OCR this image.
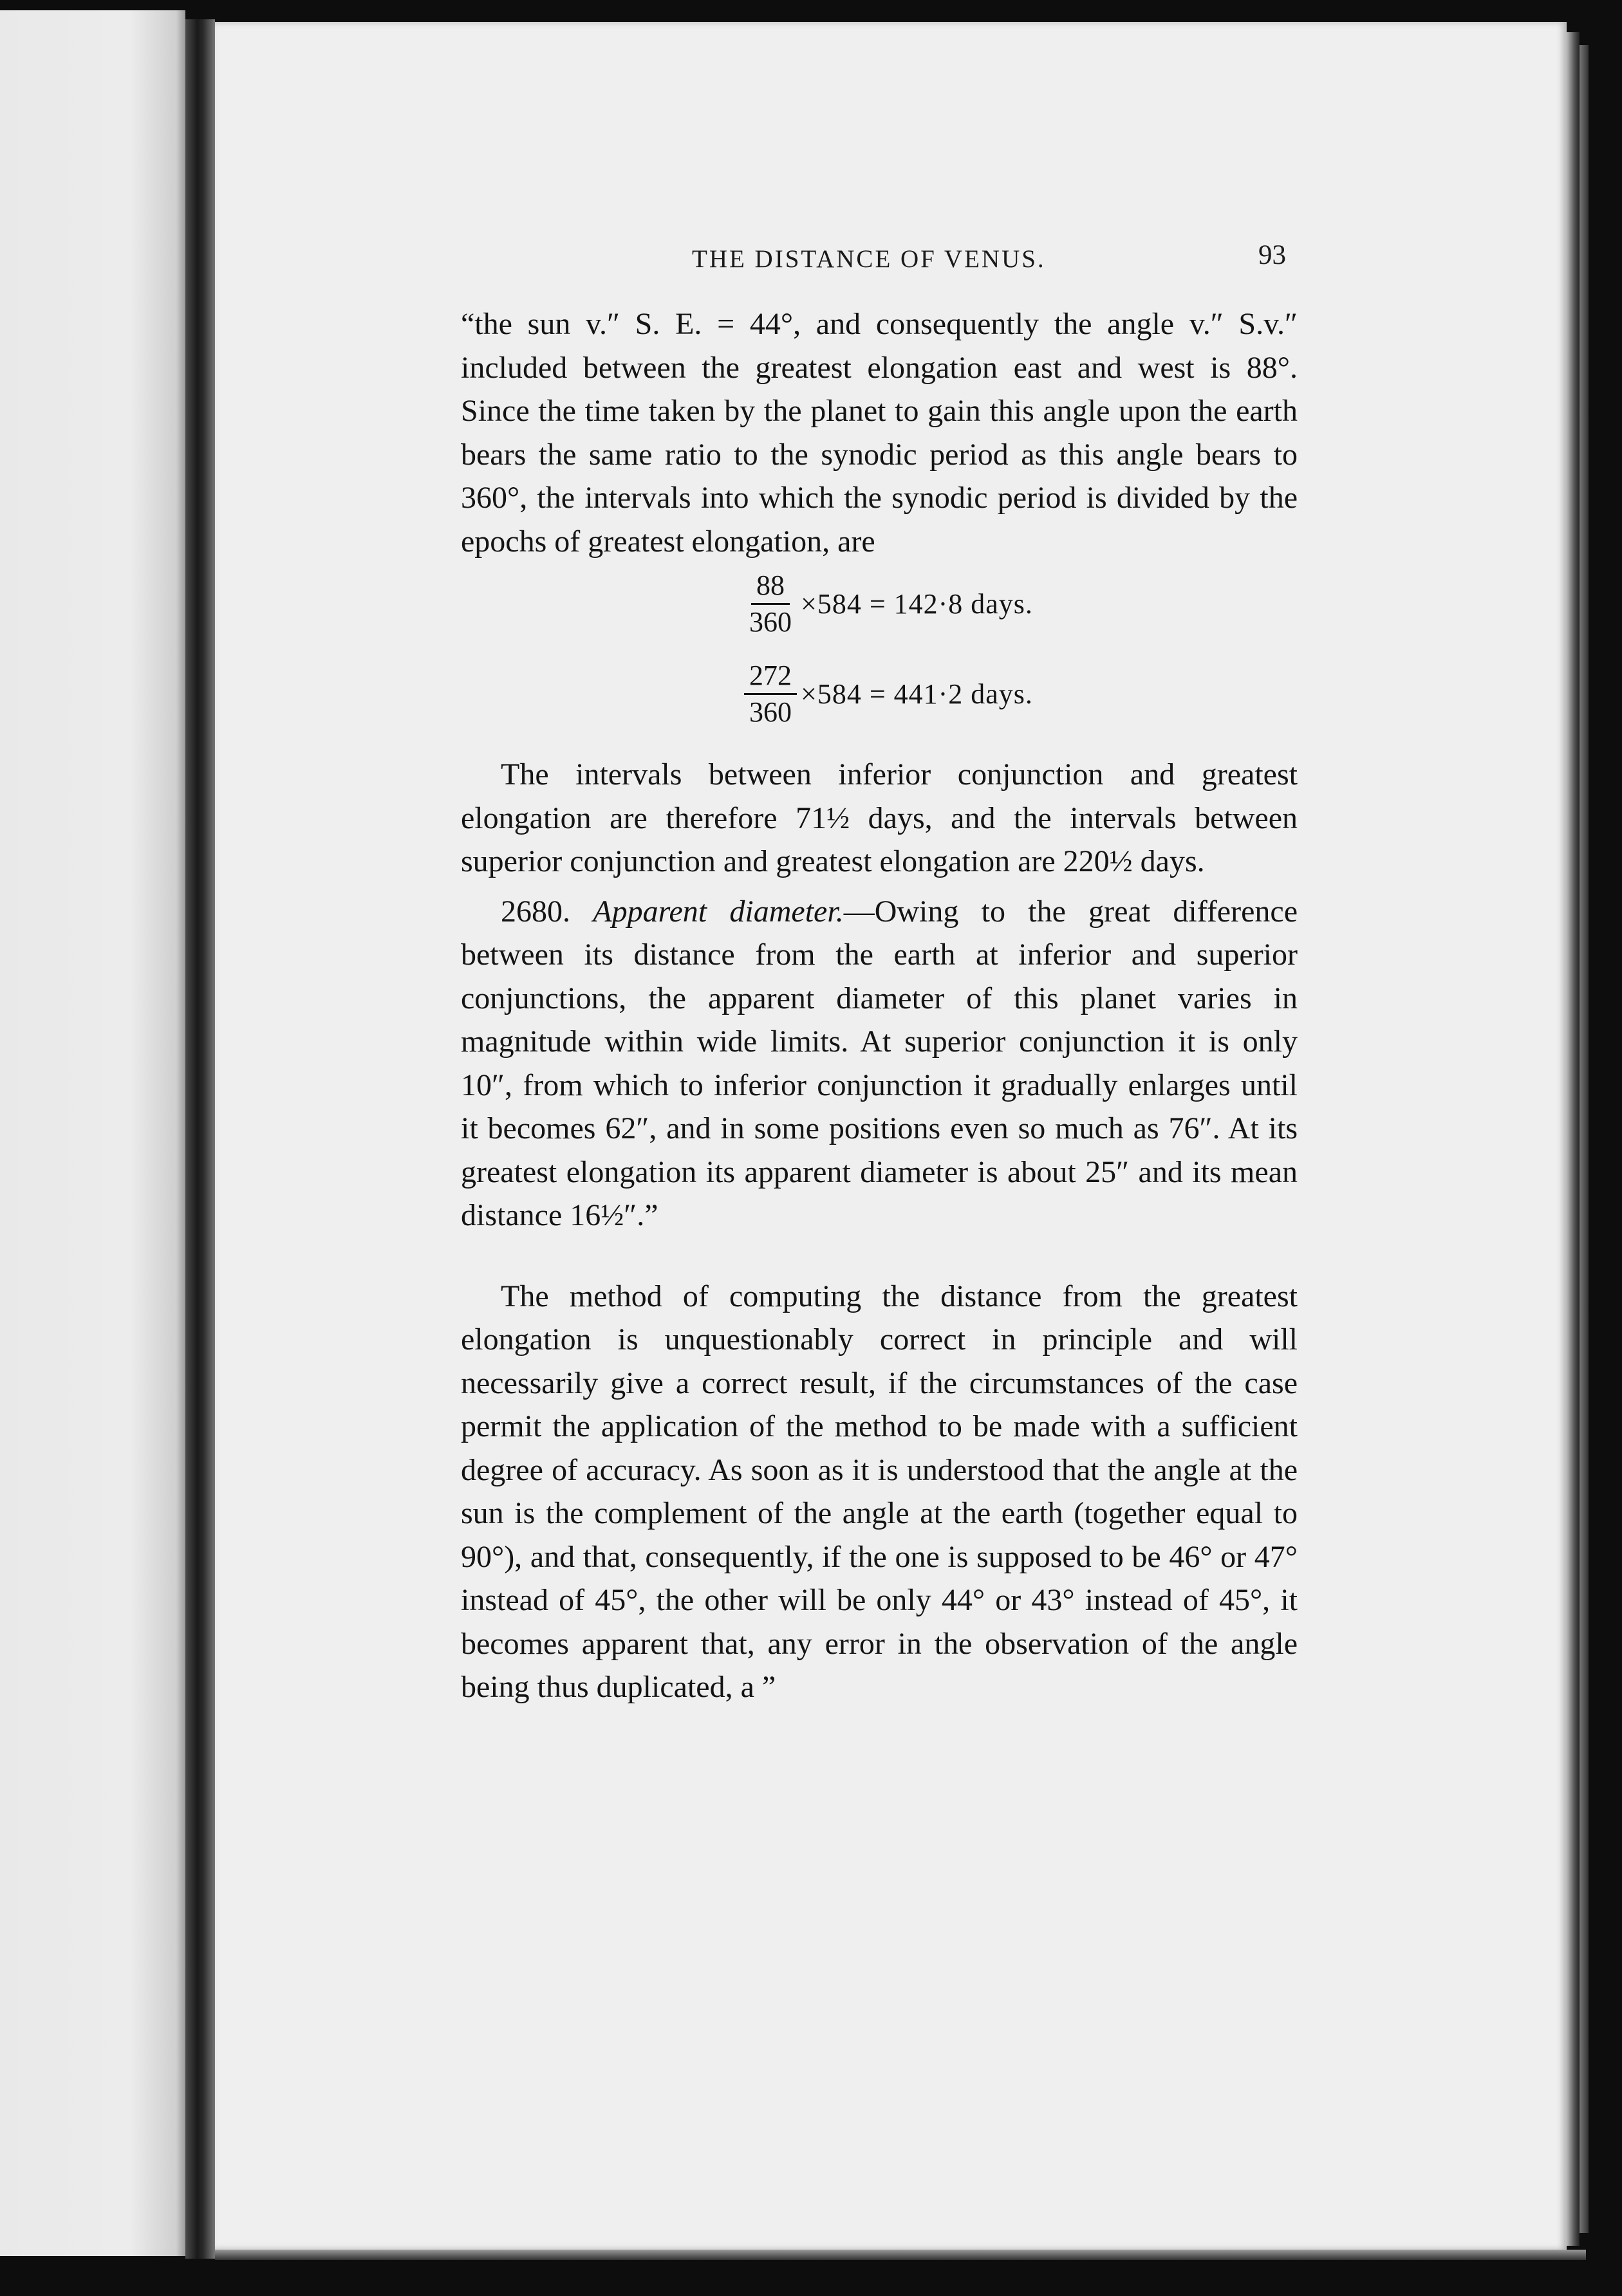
THE DISTANCE OF VENUS.	93

“the sun v.″ S. E. = 44°, and consequently the angle v.″ S.v.″ included between the greatest elongation east and west is 88°. Since the time taken by the planet to gain this angle upon the earth bears the same ratio to the synodic period as this angle bears to 360°, the intervals into which the synodic period is divided by the epochs of greatest elongation, are

$\frac{88}{360} \times 584 = 142\cdot 8$ days.
$\frac{272}{360} \times 584 = 441\cdot 2$ days.

The intervals between inferior conjunction and greatest elongation are therefore 71½ days, and the intervals between superior conjunction and greatest elongation are 220½ days.

2680. Apparent diameter.—Owing to the great difference between its distance from the earth at inferior and superior conjunctions, the apparent diameter of this planet varies in magnitude within wide limits. At superior conjunction it is only 10″, from which to inferior conjunction it gradually enlarges until it becomes 62″, and in some positions even so much as 76″. At its greatest elongation its apparent diameter is about 25″ and its mean distance 16½″.”

The method of computing the distance from the greatest elongation is unquestionably correct in principle and will necessarily give a correct result, if the circumstances of the case permit the application of the method to be made with a sufficient degree of accuracy. As soon as it is understood that the angle at the sun is the complement of the angle at the earth (together equal to 90°), and that, consequently, if the one is supposed to be 46° or 47° instead of 45°, the other will be only 44° or 43° instead of 45°, it becomes apparent that, any error in the observation of the angle being thus duplicated, a ”
